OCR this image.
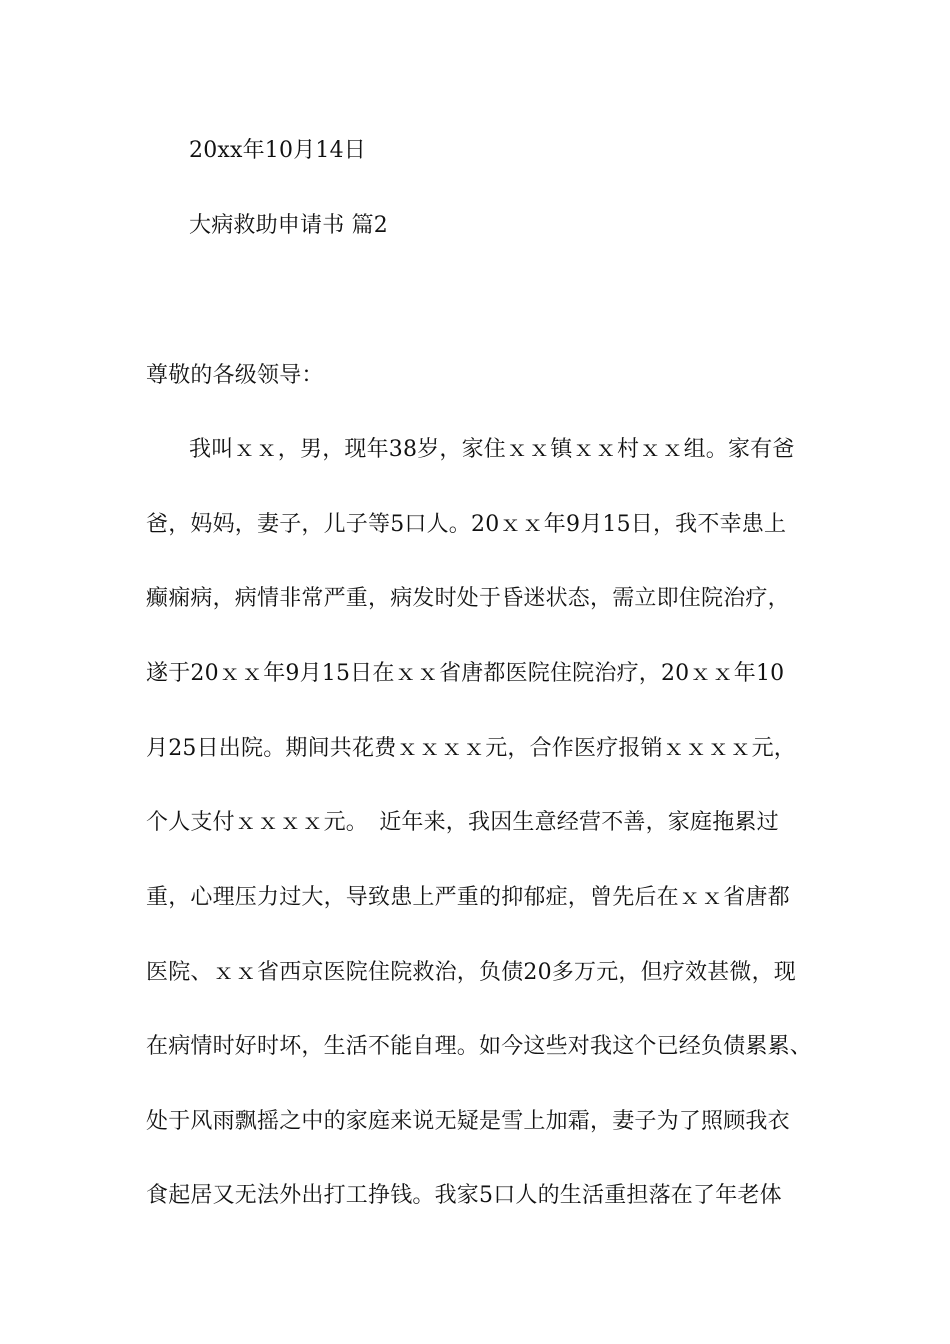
20xx年10月14日
大病救助申请书 篇2
尊敬的各级领导：
我叫ｘｘ，男，现年38岁，家住ｘｘ镇ｘｘ村ｘｘ组。家有爸
爸，妈妈，妻子，儿子等5口人。20ｘｘ年9月15日，我不幸患上
癫痫病，病情非常严重，病发时处于昏迷状态，需立即住院治疗，
遂于20ｘｘ年9月15日在ｘｘ省唐都医院住院治疗，20ｘｘ年10
月25日出院。期间共花费ｘｘｘｘ元，合作医疗报销ｘｘｘｘ元，
个人支付ｘｘｘｘ元。　近年来，我因生意经营不善，家庭拖累过
重，心理压力过大，导致患上严重的抑郁症，曾先后在ｘｘ省唐都
医院、ｘｘ省西京医院住院救治，负债20多万元，但疗效甚微，现
在病情时好时坏，生活不能自理。如今这些对我这个已经负债累累、
处于风雨飘摇之中的家庭来说无疑是雪上加霜，妻子为了照顾我衣
食起居又无法外出打工挣钱。我家5口人的生活重担落在了年老体
